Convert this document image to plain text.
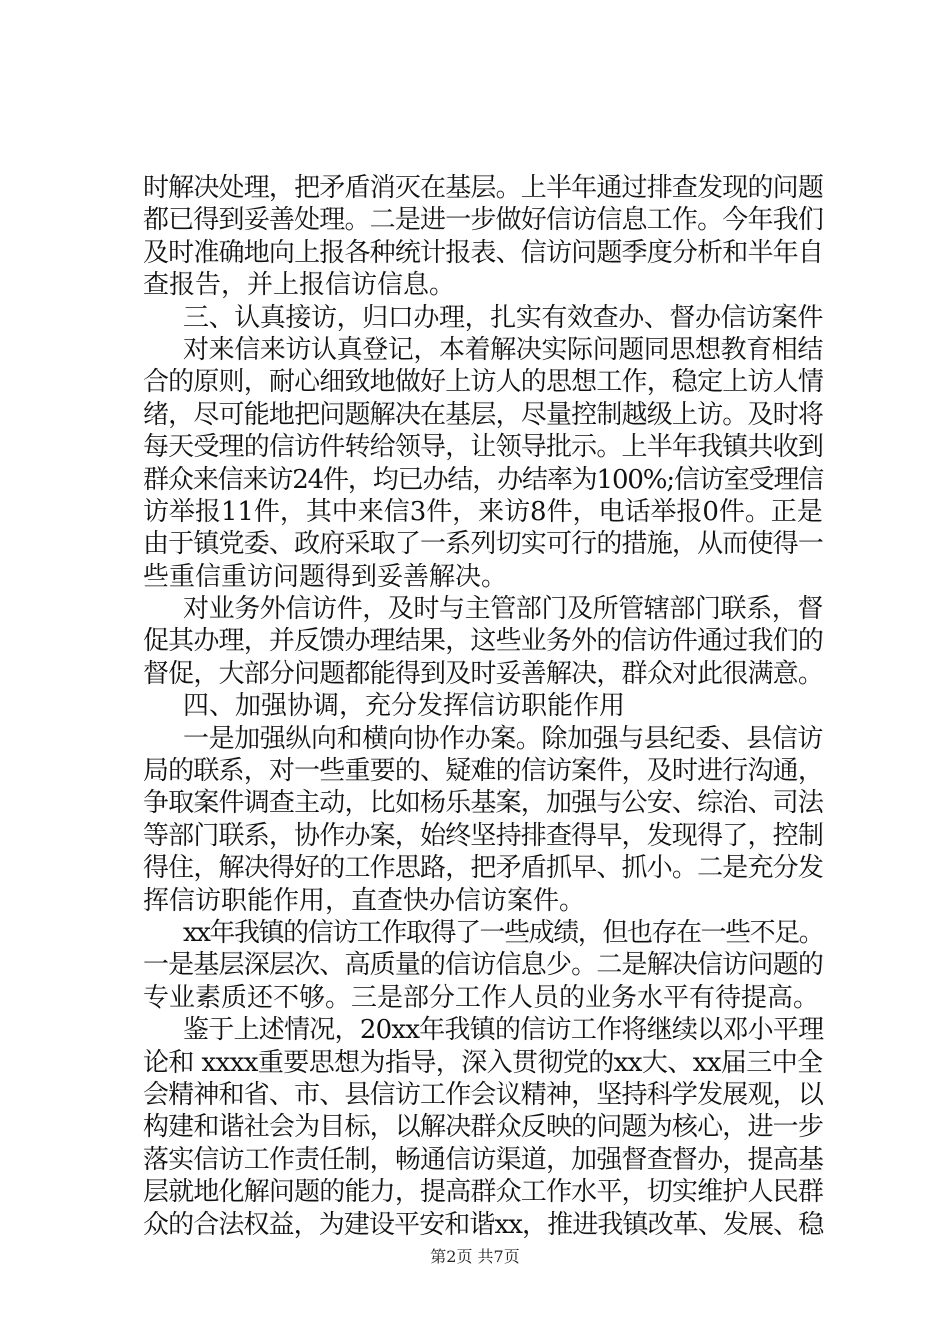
时解决处理，把矛盾消灭在基层。上半年通过排查发现的问题
都已得到妥善处理。二是进一步做好信访信息工作。今年我们
及时准确地向上报各种统计报表、信访问题季度分析和半年自
查报告，并上报信访信息。
三、认真接访，归口办理，扎实有效查办、督办信访案件
对来信来访认真登记，本着解决实际问题同思想教育相结
合的原则，耐心细致地做好上访人的思想工作，稳定上访人情
绪，尽可能地把问题解决在基层，尽量控制越级上访。及时将
每天受理的信访件转给领导，让领导批示。上半年我镇共收到
群众来信来访24件，均已办结，办结率为100%;信访室受理信
访举报11件，其中来信3件，来访8件，电话举报0件。正是
由于镇党委、政府采取了一系列切实可行的措施，从而使得一
些重信重访问题得到妥善解决。
对业务外信访件，及时与主管部门及所管辖部门联系，督
促其办理，并反馈办理结果，这些业务外的信访件通过我们的
督促，大部分问题都能得到及时妥善解决，群众对此很满意。
四、加强协调，充分发挥信访职能作用
一是加强纵向和横向协作办案。除加强与县纪委、县信访
局的联系，对一些重要的、疑难的信访案件，及时进行沟通，
争取案件调查主动，比如杨乐基案，加强与公安、综治、司法
等部门联系，协作办案，始终坚持排查得早，发现得了，控制
得住，解决得好的工作思路，把矛盾抓早、抓小。二是充分发
挥信访职能作用，直查快办信访案件。
xx年我镇的信访工作取得了一些成绩，但也存在一些不足。
一是基层深层次、高质量的信访信息少。二是解决信访问题的
专业素质还不够。三是部分工作人员的业务水平有待提高。
鉴于上述情况，20xx年我镇的信访工作将继续以邓小平理
论和 xxxx重要思想为指导，深入贯彻党的xx大、xx届三中全
会精神和省、市、县信访工作会议精神，坚持科学发展观，以
构建和谐社会为目标，以解决群众反映的问题为核心，进一步
落实信访工作责任制，畅通信访渠道，加强督查督办，提高基
层就地化解问题的能力，提高群众工作水平，切实维护人民群
众的合法权益，为建设平安和谐xx，推进我镇改革、发展、稳
第2页 共7页
